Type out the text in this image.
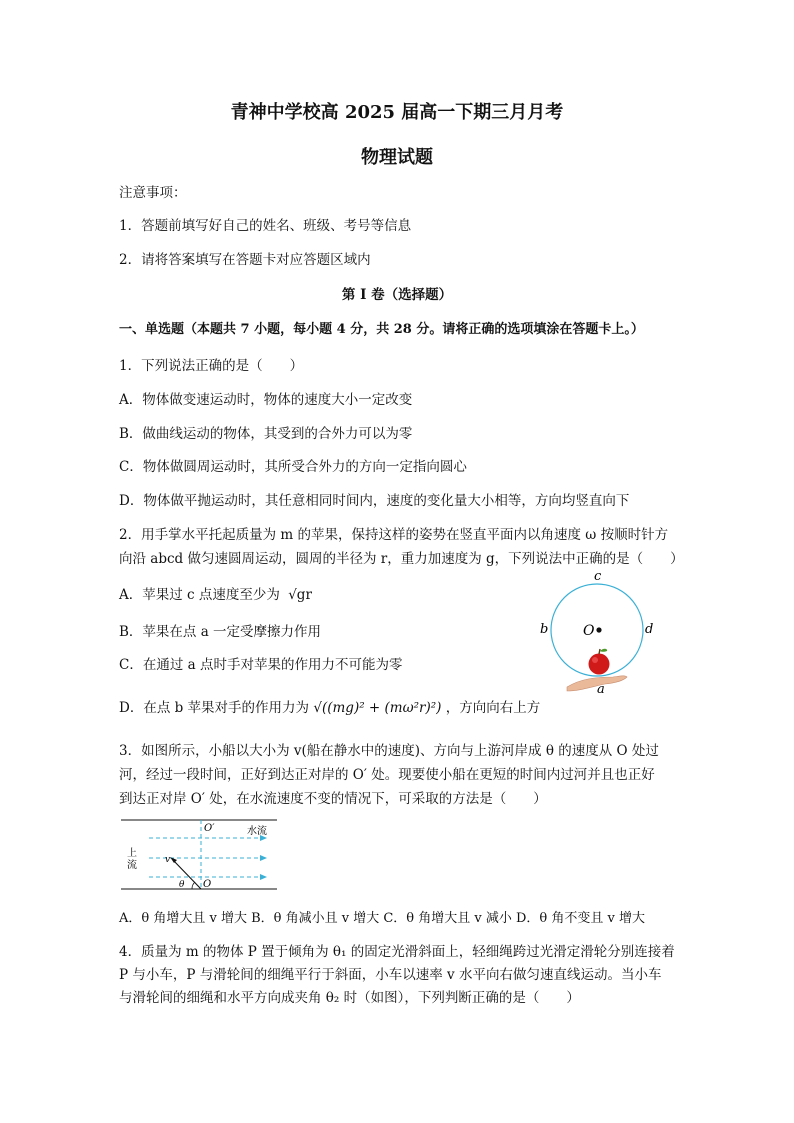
青神中学校高 2025 届高一下期三月月考
物理试题
注意事项：
1．答题前填写好自己的姓名、班级、考号等信息
2．请将答案填写在答题卡对应答题区域内
第 I 卷（选择题）
一、单选题（本题共 7 小题，每小题 4 分，共 28 分。请将正确的选项填涂在答题卡上。）
1．下列说法正确的是（　　）
A．物体做变速运动时，物体的速度大小一定改变
B．做曲线运动的物体，其受到的合外力可以为零
C．物体做圆周运动时，其所受合外力的方向一定指向圆心
D．物体做平抛运动时，其任意相同时间内，速度的变化量大小相等，方向均竖直向下
2．用手掌水平托起质量为 m 的苹果，保持这样的姿势在竖直平面内以角速度 ω 按顺时针方
向沿 abcd 做匀速圆周运动，圆周的半径为 r，重力加速度为 g，下列说法中正确的是（　　）
A．苹果过 c 点速度至少为 √gr
B．苹果在点 a 一定受摩擦力作用
C．在通过 a 点时手对苹果的作用力不可能为零
D．在点 b 苹果对手的作用力为 √((mg)² + (mω²r)²) ，方向向右上方
O
c
b	d
a
3．如图所示，小船以大小为 v(船在静水中的速度)、方向与上游河岸成 θ 的速度从 O 处过
河，经过一段时间，正好到达正对岸的 O′ 处。现要使小船在更短的时间内过河并且也正好
到达正对岸 O′ 处，在水流速度不变的情况下，可采取的方法是（　　）
O′	水流
上
流	v
θ O
A．θ 角增大且 v 增大 B．θ 角减小且 v 增大 C．θ 角增大且 v 减小 D．θ 角不变且 v 增大
4．质量为 m 的物体 P 置于倾角为 θ₁ 的固定光滑斜面上，轻细绳跨过光滑定滑轮分别连接着
P 与小车，P 与滑轮间的细绳平行于斜面，小车以速率 v 水平向右做匀速直线运动。当小车
与滑轮间的细绳和水平方向成夹角 θ₂ 时（如图），下列判断正确的是（　　）
